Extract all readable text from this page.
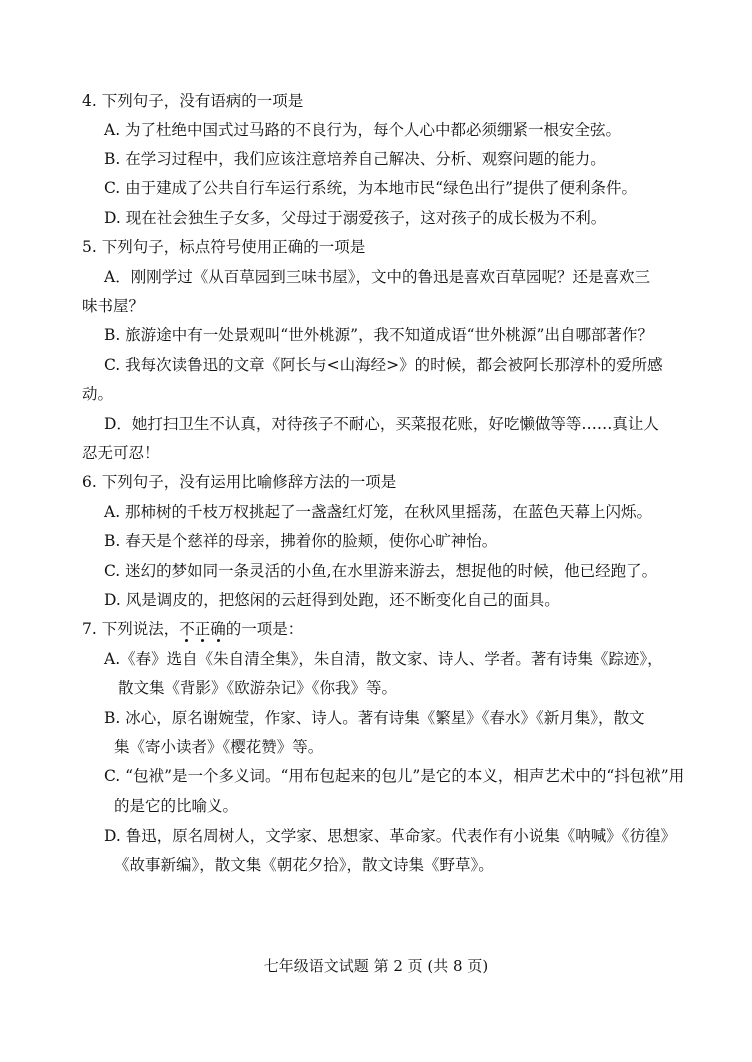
4. 下列句子，没有语病的一项是
A. 为了杜绝中国式过马路的不良行为，每个人心中都必须绷紧一根安全弦。
B. 在学习过程中，我们应该注意培养自己解决、分析、观察问题的能力。
C. 由于建成了公共自行车运行系统，为本地市民“绿色出行”提供了便利条件。
D. 现在社会独生子女多，父母过于溺爱孩子，这对孩子的成长极为不利。
5. 下列句子，标点符号使用正确的一项是
A．刚刚学过《从百草园到三味书屋》，文中的鲁迅是喜欢百草园呢？还是喜欢三
味书屋？
B. 旅游途中有一处景观叫“世外桃源”，我不知道成语“世外桃源”出自哪部著作？
C. 我每次读鲁迅的文章《阿长与<山海经>》的时候，都会被阿长那淳朴的爱所感
动。
D．她打扫卫生不认真，对待孩子不耐心，买菜报花账，好吃懒做等等……真让人
忍无可忍！
6. 下列句子，没有运用比喻修辞方法的一项是
A. 那柿树的千枝万杈挑起了一盏盏红灯笼，在秋风里摇荡，在蓝色天幕上闪烁。
B. 春天是个慈祥的母亲，拂着你的脸颊，使你心旷神怡。
C. 迷幻的梦如同一条灵活的小鱼,在水里游来游去，想捉他的时候，他已经跑了。
D. 风是调皮的，把悠闲的云赶得到处跑，还不断变化自己的面具。
7. 下列说法，不正确的一项是：
A.《春》选自《朱自清全集》，朱自清，散文家、诗人、学者。著有诗集《踪迹》，
散文集《背影》《欧游杂记》《你我》等。
B. 冰心，原名谢婉莹，作家、诗人。著有诗集《繁星》《春水》《新月集》，散文
集《寄小读者》《樱花赞》等。
C. “包袱”是一个多义词。“用布包起来的包儿”是它的本义，相声艺术中的“抖包袱”用
的是它的比喻义。
D. 鲁迅，原名周树人，文学家、思想家、革命家。代表作有小说集《呐喊》《彷徨》
《故事新编》，散文集《朝花夕拾》，散文诗集《野草》。
七年级语文试题 第 2 页 (共 8 页)
